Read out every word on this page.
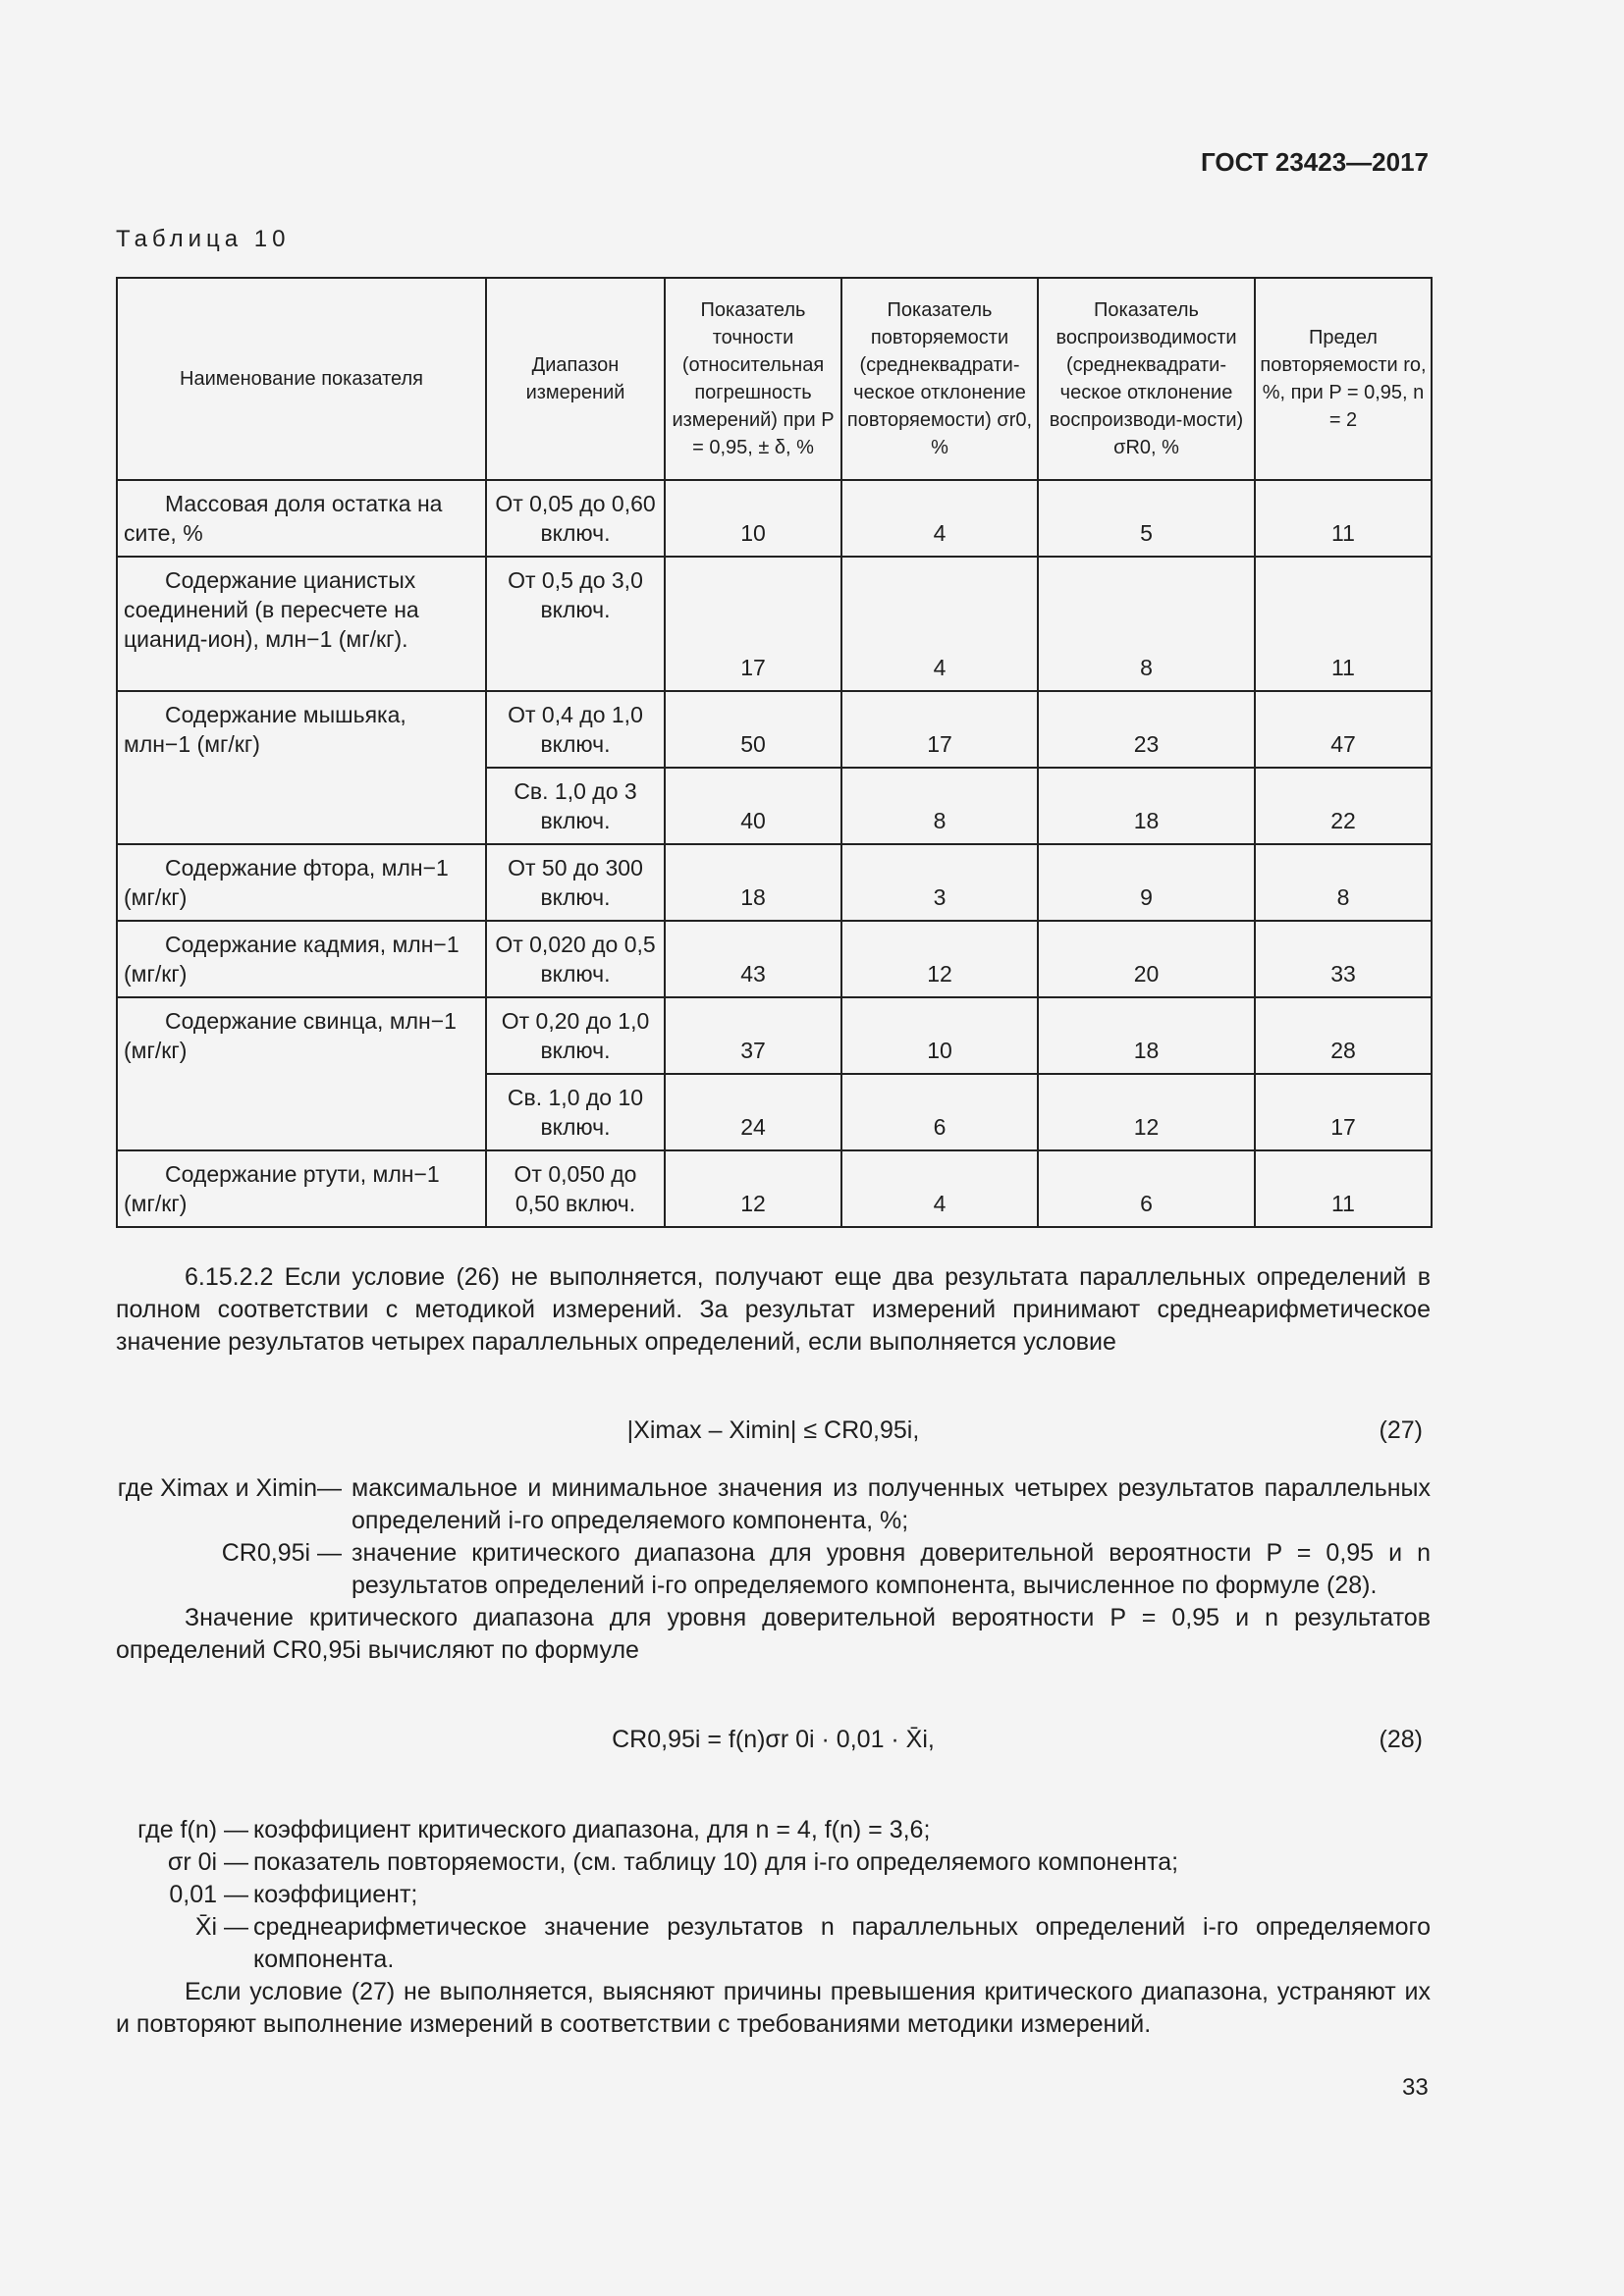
ГОСТ 23423—2017
Таблица 10
Наименование показателя	Диапазон измерений	Показатель точности (относительная погрешность измерений) при P = 0,95, ± δ, %	Показатель повторяемости (среднеквадрати-ческое отклонение повторяемости) σr0, %	Показатель воспроизводимости (среднеквадрати-ческое отклонение воспроизводи-мости) σR0, %	Предел повторяемости ro, %, при P = 0,95, n = 2
Массовая доля остатка на сите, %	От 0,05 до 0,60 включ.	10	4	5	11
Содержание цианистых соединений (в пересчете на цианид-ион), млн−1 (мг/кг).	От 0,5 до 3,0 включ.	17	4	8	11
Содержание мышьяка, млн−1 (мг/кг)	От 0,4 до 1,0 включ.	50	17	23	47
	Св. 1,0 до 3 включ.	40	8	18	22
Содержание фтора, млн−1 (мг/кг)	От 50 до 300 включ.	18	3	9	8
Содержание кадмия, млн−1 (мг/кг)	От 0,020 до 0,5 включ.	43	12	20	33
Содержание свинца, млн−1 (мг/кг)	От 0,20 до 1,0 включ.	37	10	18	28
	Св. 1,0 до 10 включ.	24	6	12	17
Содержание ртути, млн−1 (мг/кг)	От 0,050 до 0,50 включ.	12	4	6	11

6.15.2.2 Если условие (26) не выполняется, получают еще два результата параллельных определений в полном соответствии с методикой измерений. За результат измерений принимают среднеарифметическое значение результатов четырех параллельных определений, если выполняется условие

|Ximax – Ximin| ≤ CR0,95i,	(27)

где Ximax и Ximin— максимальное и минимальное значения из полученных четырех результатов параллельных определений i-го определяемого компонента, %;

CR0,95i — значение критического диапазона для уровня доверительной вероятности P = 0,95 и n результатов определений i-го определяемого компонента, вычисленное по формуле (28).

Значение критического диапазона для уровня доверительной вероятности P = 0,95 и n результатов определений CR0,95i вычисляют по формуле

CR0,95i = f(n)σr 0i · 0,01 · X̄i,	(28)

где f(n) — коэффициент критического диапазона, для n = 4, f(n) = 3,6;

σr 0i — показатель повторяемости, (см. таблицу 10) для i-го определяемого компонента;

0,01 — коэффициент;

X̄i — среднеарифметическое значение результатов n параллельных определений i-го определяемого компонента.

Если условие (27) не выполняется, выясняют причины превышения критического диапазона, устраняют их и повторяют выполнение измерений в соответствии с требованиями методики измерений.

33
